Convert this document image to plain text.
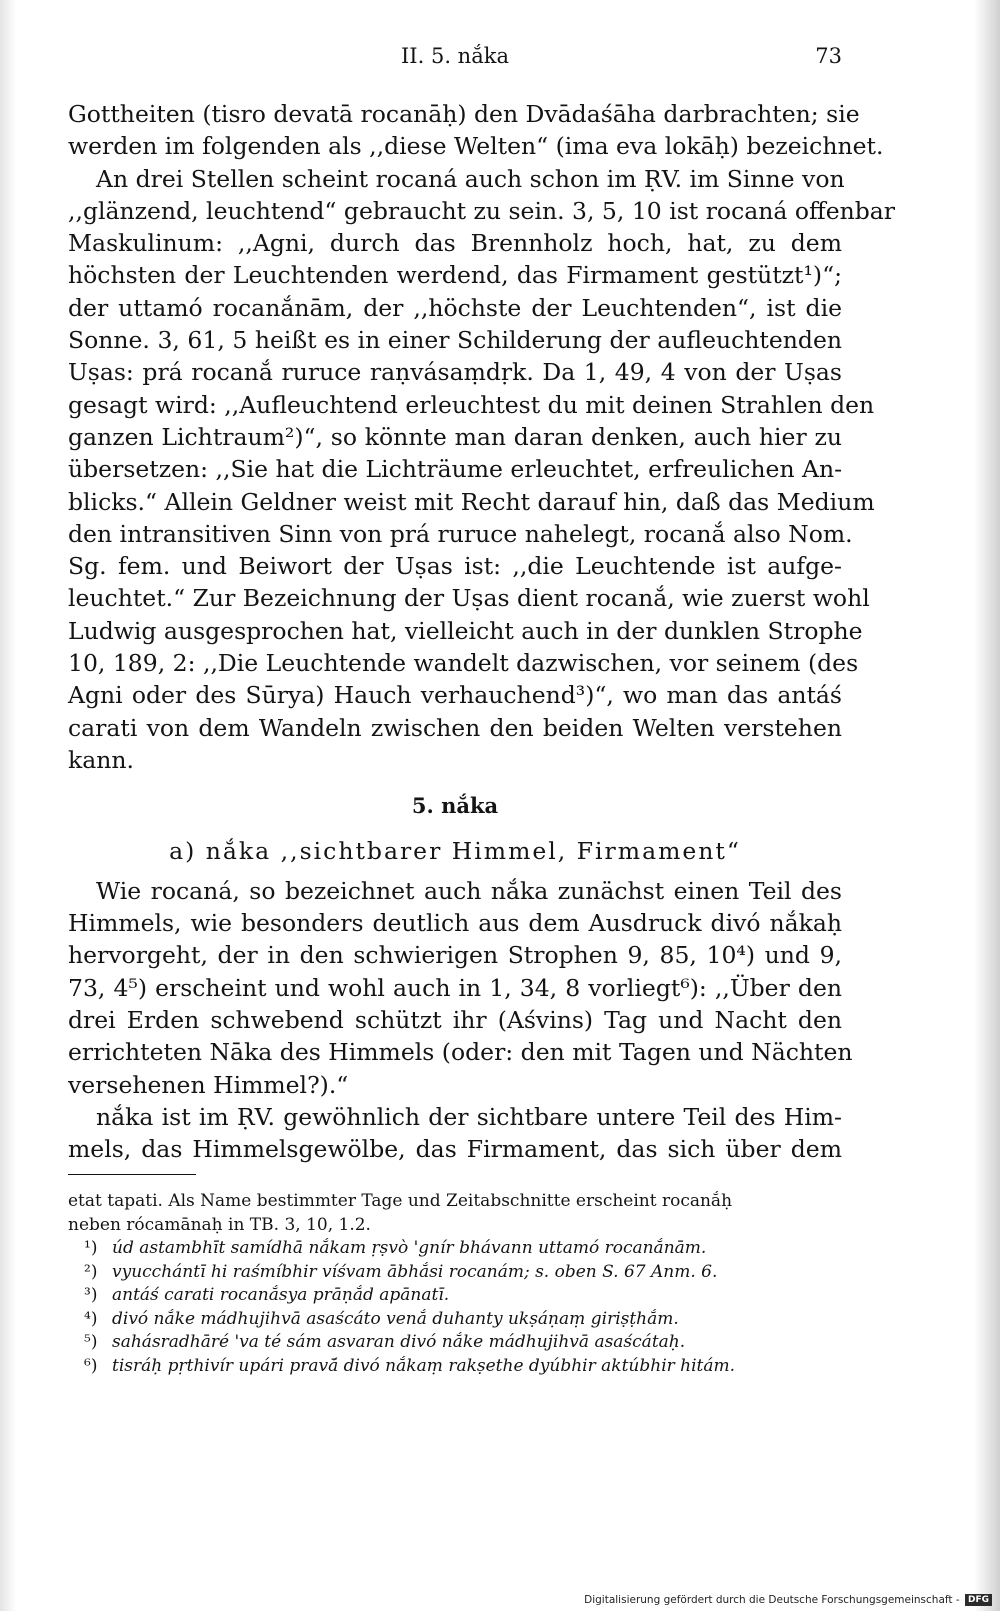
II. 5. nắka	73
Gottheiten (tisro devatā rocanāḥ) den Dvādaśāha darbrachten; sie
werden im folgenden als ,,diese Welten“ (ima eva lokāḥ) bezeichnet.
An drei Stellen scheint rocaná auch schon im ṚV. im Sinne von
,,glänzend, leuchtend“ gebraucht zu sein. 3, 5, 10 ist rocaná offenbar
Maskulinum: ,,Agni, durch das Brennholz hoch, hat, zu dem
höchsten der Leuchtenden werdend, das Firmament gestützt¹)“;
der uttamó rocanắnām, der ,,höchste der Leuchtenden“, ist die
Sonne. 3, 61, 5 heißt es in einer Schilderung der aufleuchtenden
Uṣas: prá rocanắ ruruce raṇvásaṃdṛk. Da 1, 49, 4 von der Uṣas
gesagt wird: ,,Aufleuchtend erleuchtest du mit deinen Strahlen den
ganzen Lichtraum²)“, so könnte man daran denken, auch hier zu
übersetzen: ,,Sie hat die Lichträume erleuchtet, erfreulichen An-
blicks.“ Allein Geldner weist mit Recht darauf hin, daß das Medium
den intransitiven Sinn von prá ruruce nahelegt, rocanắ also Nom.
Sg. fem. und Beiwort der Uṣas ist: ,,die Leuchtende ist aufge-
leuchtet.“ Zur Bezeichnung der Uṣas dient rocanắ, wie zuerst wohl
Ludwig ausgesprochen hat, vielleicht auch in der dunklen Strophe
10, 189, 2: ,,Die Leuchtende wandelt dazwischen, vor seinem (des
Agni oder des Sūrya) Hauch verhauchend³)“, wo man das antáś
carati von dem Wandeln zwischen den beiden Welten verstehen
kann.
5. nắka
a) nắka ,,sichtbarer Himmel, Firmament“
Wie rocaná, so bezeichnet auch nắka zunächst einen Teil des
Himmels, wie besonders deutlich aus dem Ausdruck divó nắkaḥ
hervorgeht, der in den schwierigen Strophen 9, 85, 10⁴) und 9,
73, 4⁵) erscheint und wohl auch in 1, 34, 8 vorliegt⁶): ,,Über den
drei Erden schwebend schützt ihr (Aśvins) Tag und Nacht den
errichteten Nāka des Himmels (oder: den mit Tagen und Nächten
versehenen Himmel?).“
nắka ist im ṚV. gewöhnlich der sichtbare untere Teil des Him-
mels, das Himmelsgewölbe, das Firmament, das sich über dem
etat tapati. Als Name bestimmter Tage und Zeitabschnitte erscheint rocanắḥ
neben rócamānaḥ in TB. 3, 10, 1.2.
¹) úd astambhīt samídhā nắkam ṛṣvò 'gnír bhávann uttamó rocanắnām.
²) vyucchántī hi raśmíbhir víśvam ābhắsi rocanám; s. oben S. 67 Anm. 6.
³) antáś carati rocanắsya prāṇắd apānatī.
⁴) divó nắke mádhujihvā asaścáto venắ duhanty ukṣáṇaṃ giriṣṭhắm.
⁵) sahásradhāré 'va té sám asvaran divó nắke mádhujihvā asaścátaḥ.
⁶) tisráḥ pṛthivír upári pravā́ divó nắkaṃ rakṣethe dyúbhir aktúbhir hitám.
Digitalisierung gefördert durch die Deutsche Forschungsgemeinschaft - DFG
